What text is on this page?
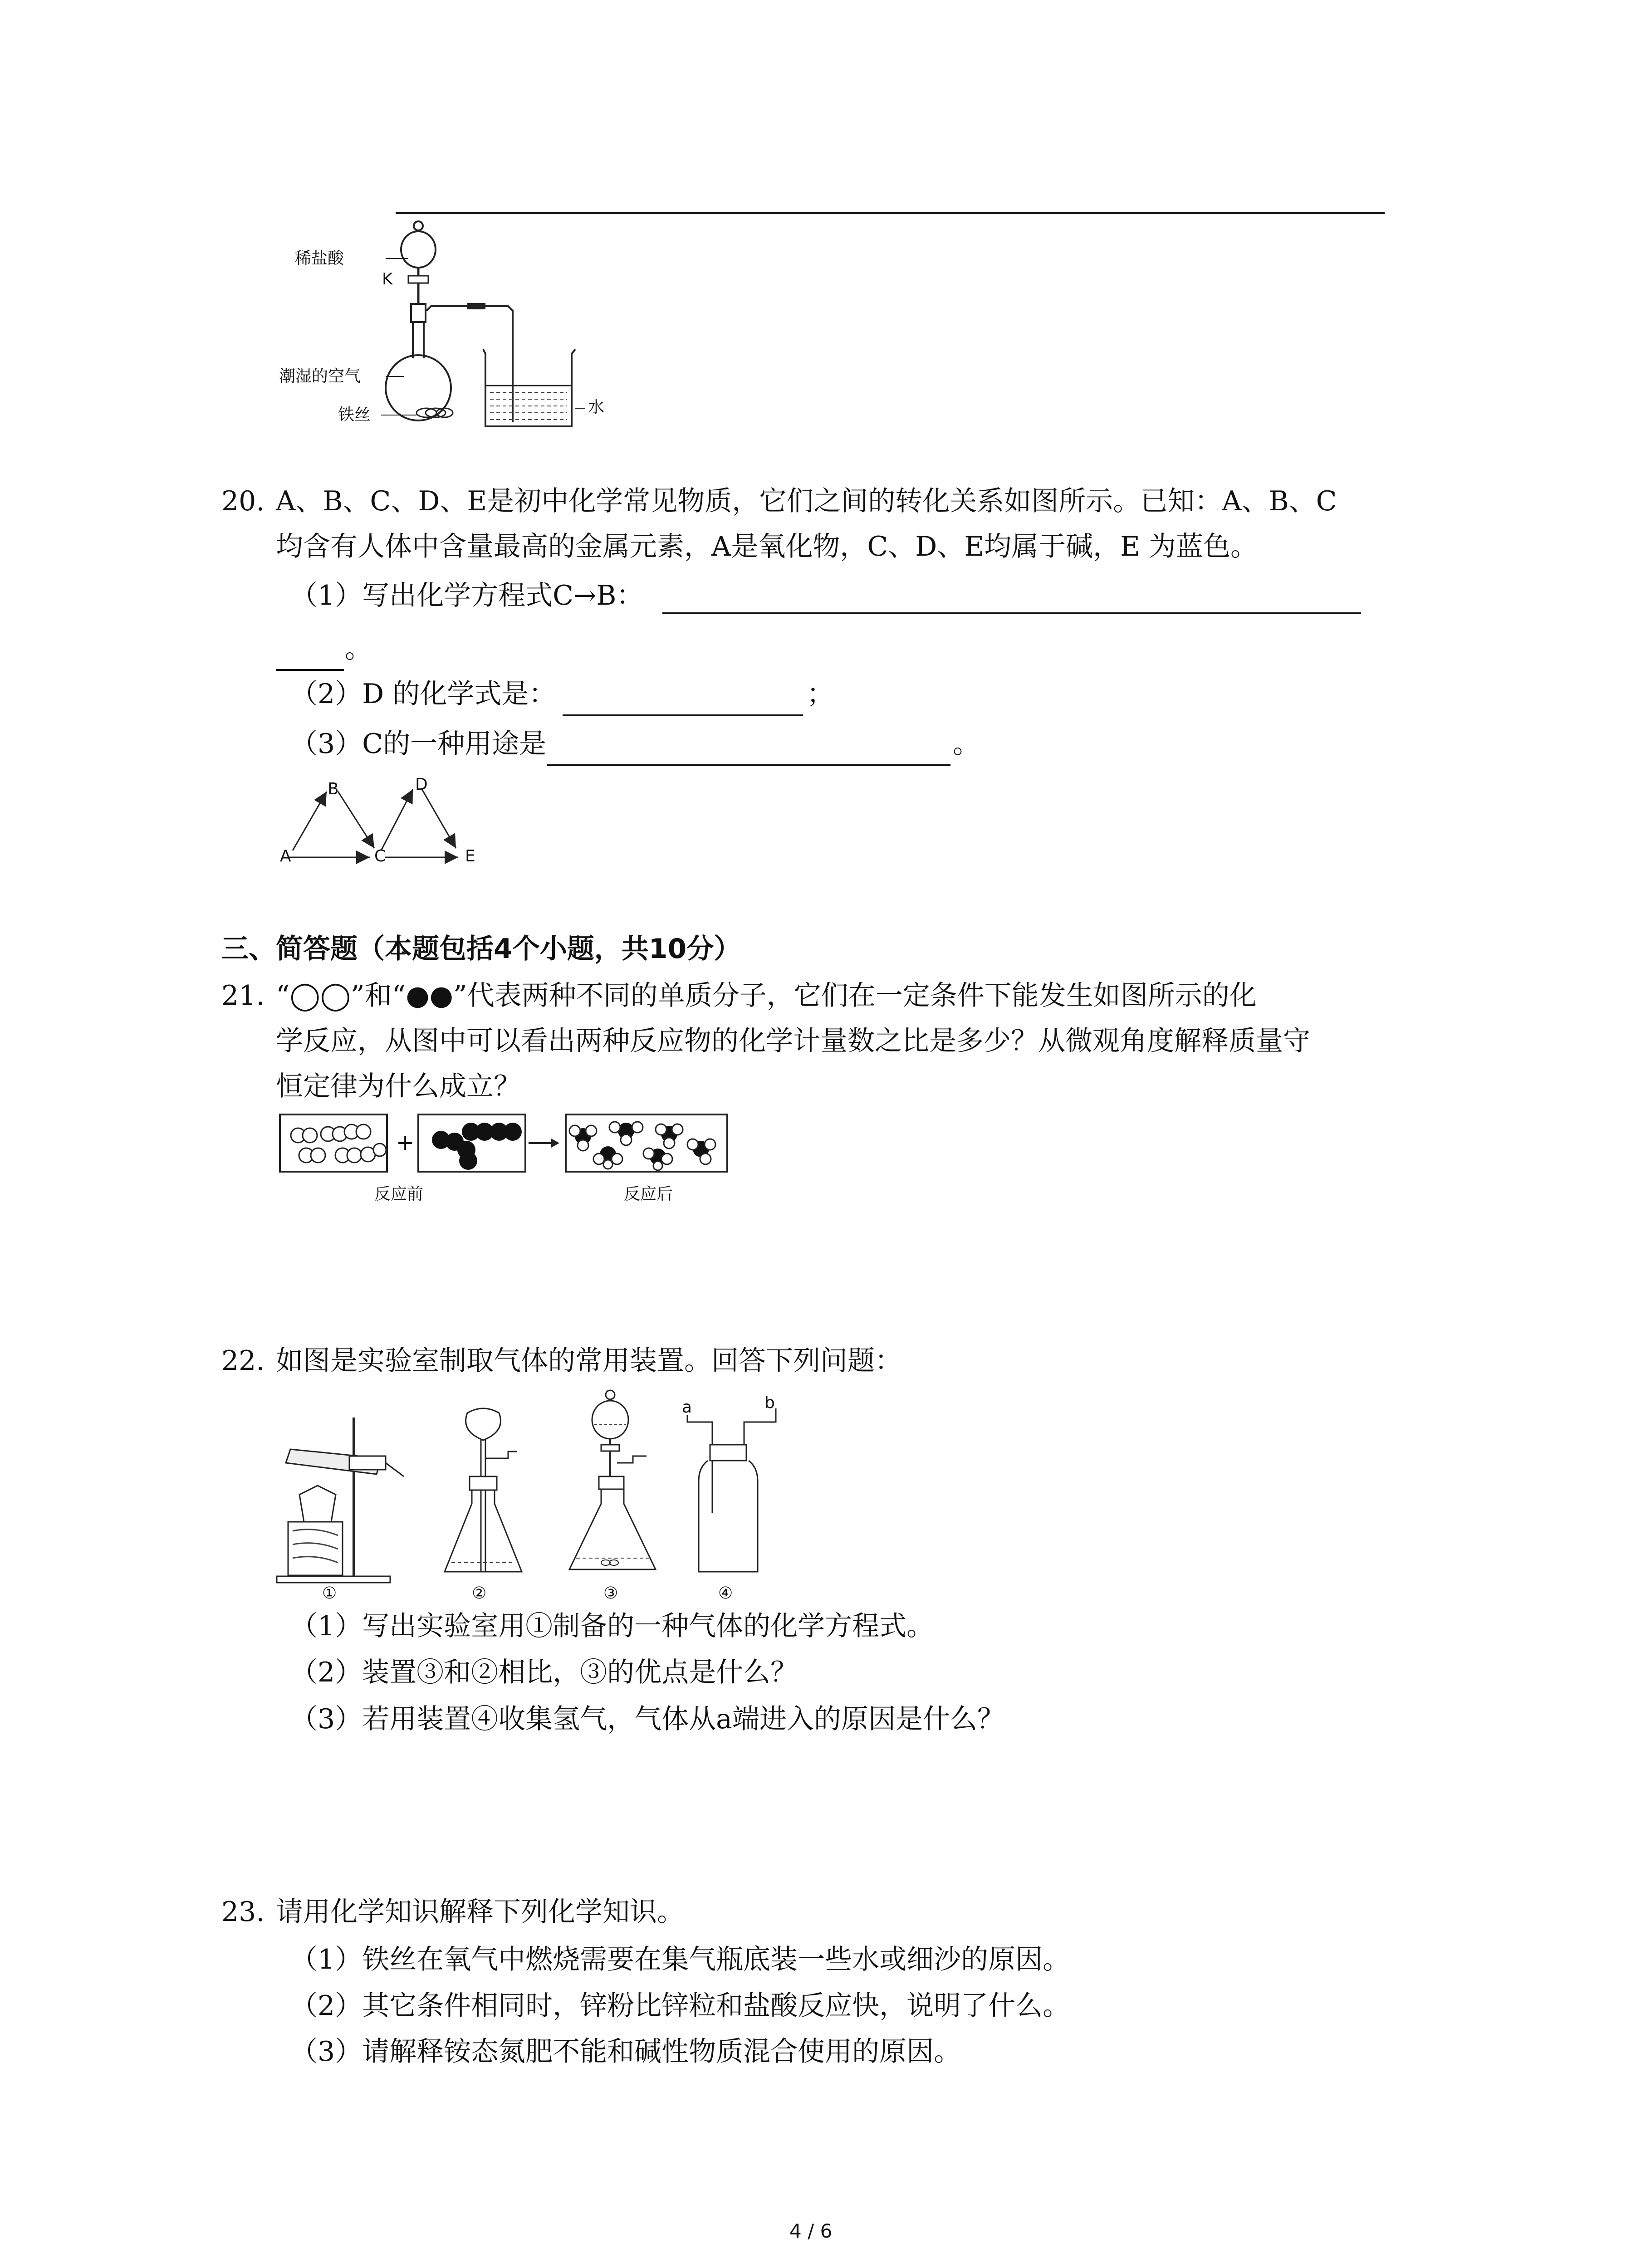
稀盐酸
K
潮湿的空气
铁丝	水
20. A、B、C、D、E是初中化学常见物质，它们之间的转化关系如图所示。已知：A、B、C
均含有人体中含量最高的金属元素，A是氧化物，C、D、E均属于碱，E 为蓝色。
（1）写出化学方程式C→B：
。
（2）D 的化学式是：	；
（3）C的一种用途是	。
A
B
C
D
E
三、简答题（本题包括4个小题，共10分）
21. “◯◯”和“●●”代表两种不同的单质分子，它们在一定条件下能发生如图所示的化
学反应，从图中可以看出两种反应物的化学计量数之比是多少？从微观角度解释质量守
恒定律为什么成立？
+
反应前	反应后
22. 如图是实验室制取气体的常用装置。回答下列问题：
a	b
①	②	③	④
（1）写出实验室用①制备的一种气体的化学方程式。
（2）装置③和②相比，③的优点是什么？
（3）若用装置④收集氢气，气体从a端进入的原因是什么？
23. 请用化学知识解释下列化学知识。
（1）铁丝在氧气中燃烧需要在集气瓶底装一些水或细沙的原因。
（2）其它条件相同时，锌粉比锌粒和盐酸反应快，说明了什么。
（3）请解释铵态氮肥不能和碱性物质混合使用的原因。
4 / 6
